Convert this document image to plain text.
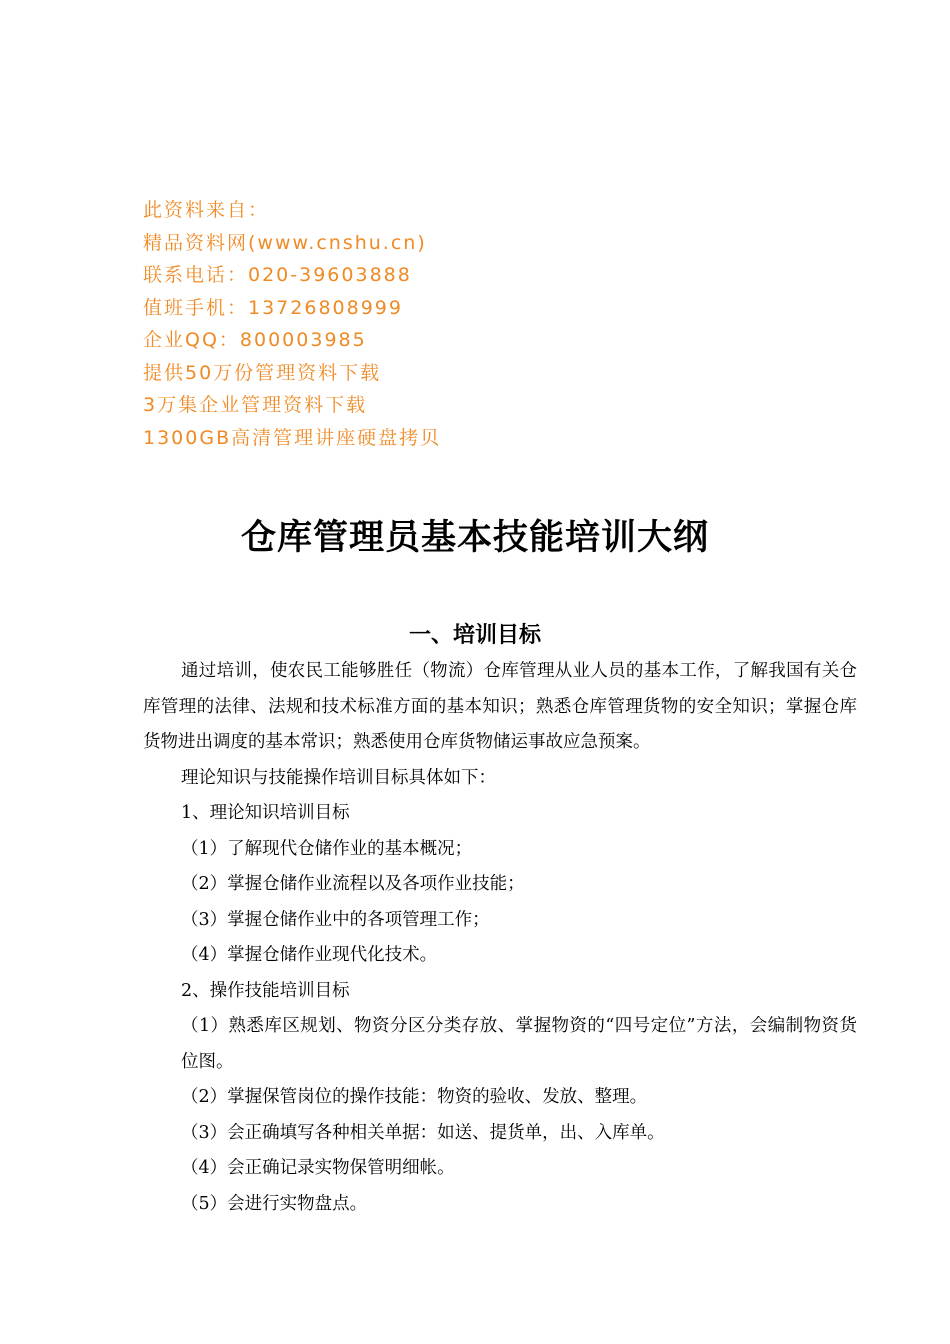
此资料来自：
精品资料网(www.cnshu.cn)
联系电话：020-39603888
值班手机：13726808999
企业QQ：800003985
提供50万份管理资料下载
3万集企业管理资料下载
1300GB高清管理讲座硬盘拷贝
仓库管理员基本技能培训大纲
一、培训目标

通过培训，使农民工能够胜任（物流）仓库管理从业人员的基本工作，了解我国有关仓库管理的法律、法规和技术标准方面的基本知识；熟悉仓库管理货物的安全知识；掌握仓库货物进出调度的基本常识；熟悉使用仓库货物储运事故应急预案。

理论知识与技能操作培训目标具体如下：

1、理论知识培训目标

（1）了解现代仓储作业的基本概况；

（2）掌握仓储作业流程以及各项作业技能；

（3）掌握仓储作业中的各项管理工作；

（4）掌握仓储作业现代化技术。

2、操作技能培训目标

（1）熟悉库区规划、物资分区分类存放、掌握物资的“四号定位”方法，会编制物资货位图。

（2）掌握保管岗位的操作技能：物资的验收、发放、整理。

（3）会正确填写各种相关单据：如送、提货单，出、入库单。

（4）会正确记录实物保管明细帐。

（5）会进行实物盘点。
